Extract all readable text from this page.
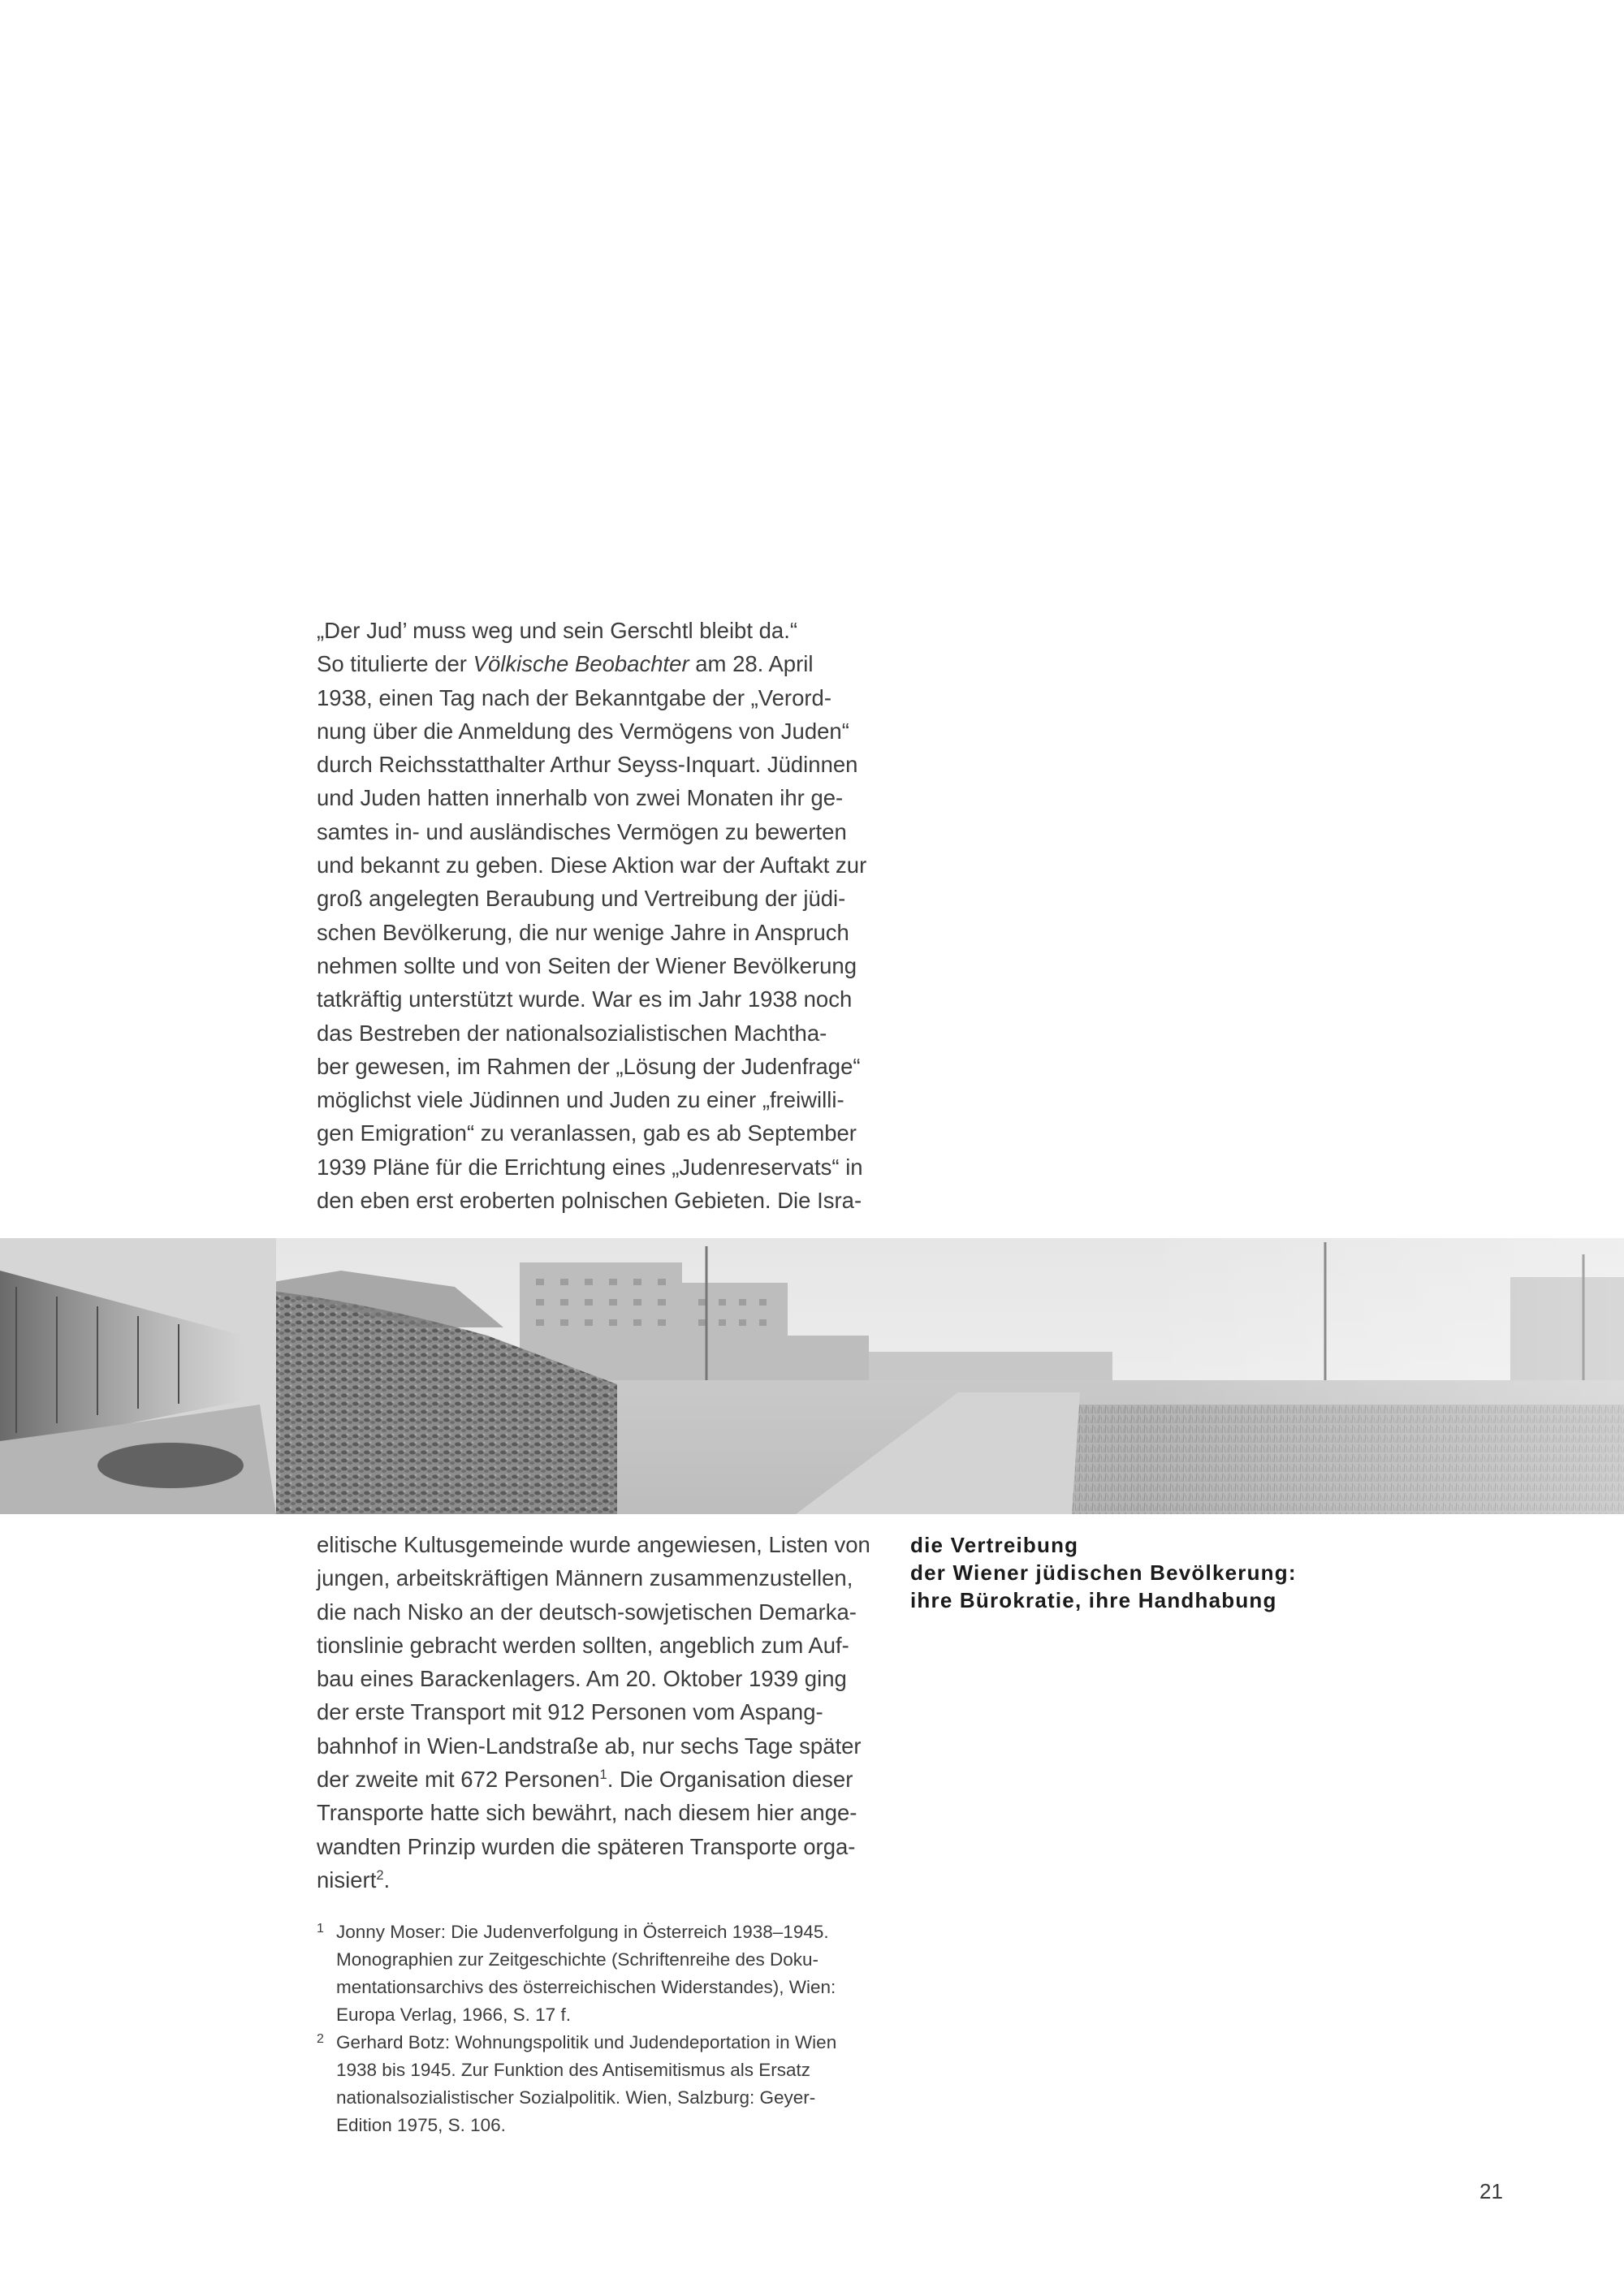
„Der Jud’ muss weg und sein Gerschtl bleibt da.“
So titulierte der Völkische Beobachter am 28. April
1938, einen Tag nach der Bekanntgabe der „Verord-
nung über die Anmeldung des Vermögens von Juden“
durch Reichsstatthalter Arthur Seyss-Inquart. Jüdinnen
und Juden hatten innerhalb von zwei Monaten ihr ge-
samtes in- und ausländisches Vermögen zu bewerten
und bekannt zu geben. Diese Aktion war der Auftakt zur
groß angelegten Beraubung und Vertreibung der jüdi-
schen Bevölkerung, die nur wenige Jahre in Anspruch
nehmen sollte und von Seiten der Wiener Bevölkerung
tatkräftig unterstützt wurde. War es im Jahr 1938 noch
das Bestreben der nationalsozialistischen Machtha-
ber gewesen, im Rahmen der „Lösung der Judenfrage“
möglichst viele Jüdinnen und Juden zu einer „freiwilli-
gen Emigration“ zu veranlassen, gab es ab September
1939 Pläne für die Errichtung eines „Judenreservats“ in
den eben erst eroberten polnischen Gebieten. Die Isra-
die Vertreibung
der Wiener jüdischen Bevölkerung:
ihre Bürokratie, ihre Handhabung
elitische Kultusgemeinde wurde angewiesen, Listen von
jungen, arbeitskräftigen Männern zusammenzustellen,
die nach Nisko an der deutsch-sowjetischen Demarka-
tionslinie gebracht werden sollten, angeblich zum Auf-
bau eines Barackenlagers. Am 20. Oktober 1939 ging
der erste Transport mit 912 Personen vom Aspang-
bahnhof in Wien-Landstraße ab, nur sechs Tage später
der zweite mit 672 Personen$^1$. Die Organisation dieser
Transporte hatte sich bewährt, nach diesem hier ange-
wandten Prinzip wurden die späteren Transporte orga-
nisiert$^2$.
1 Jonny Moser: Die Judenverfolgung in Österreich 1938–1945.
Monographien zur Zeitgeschichte (Schriftenreihe des Doku-
mentationsarchivs des österreichischen Widerstandes), Wien:
Europa Verlag, 1966, S. 17 f.
2 Gerhard Botz: Wohnungspolitik und Judendeportation in Wien
1938 bis 1945. Zur Funktion des Antisemitismus als Ersatz
nationalsozialistischer Sozialpolitik. Wien, Salzburg: Geyer-
Edition 1975, S. 106.
21
